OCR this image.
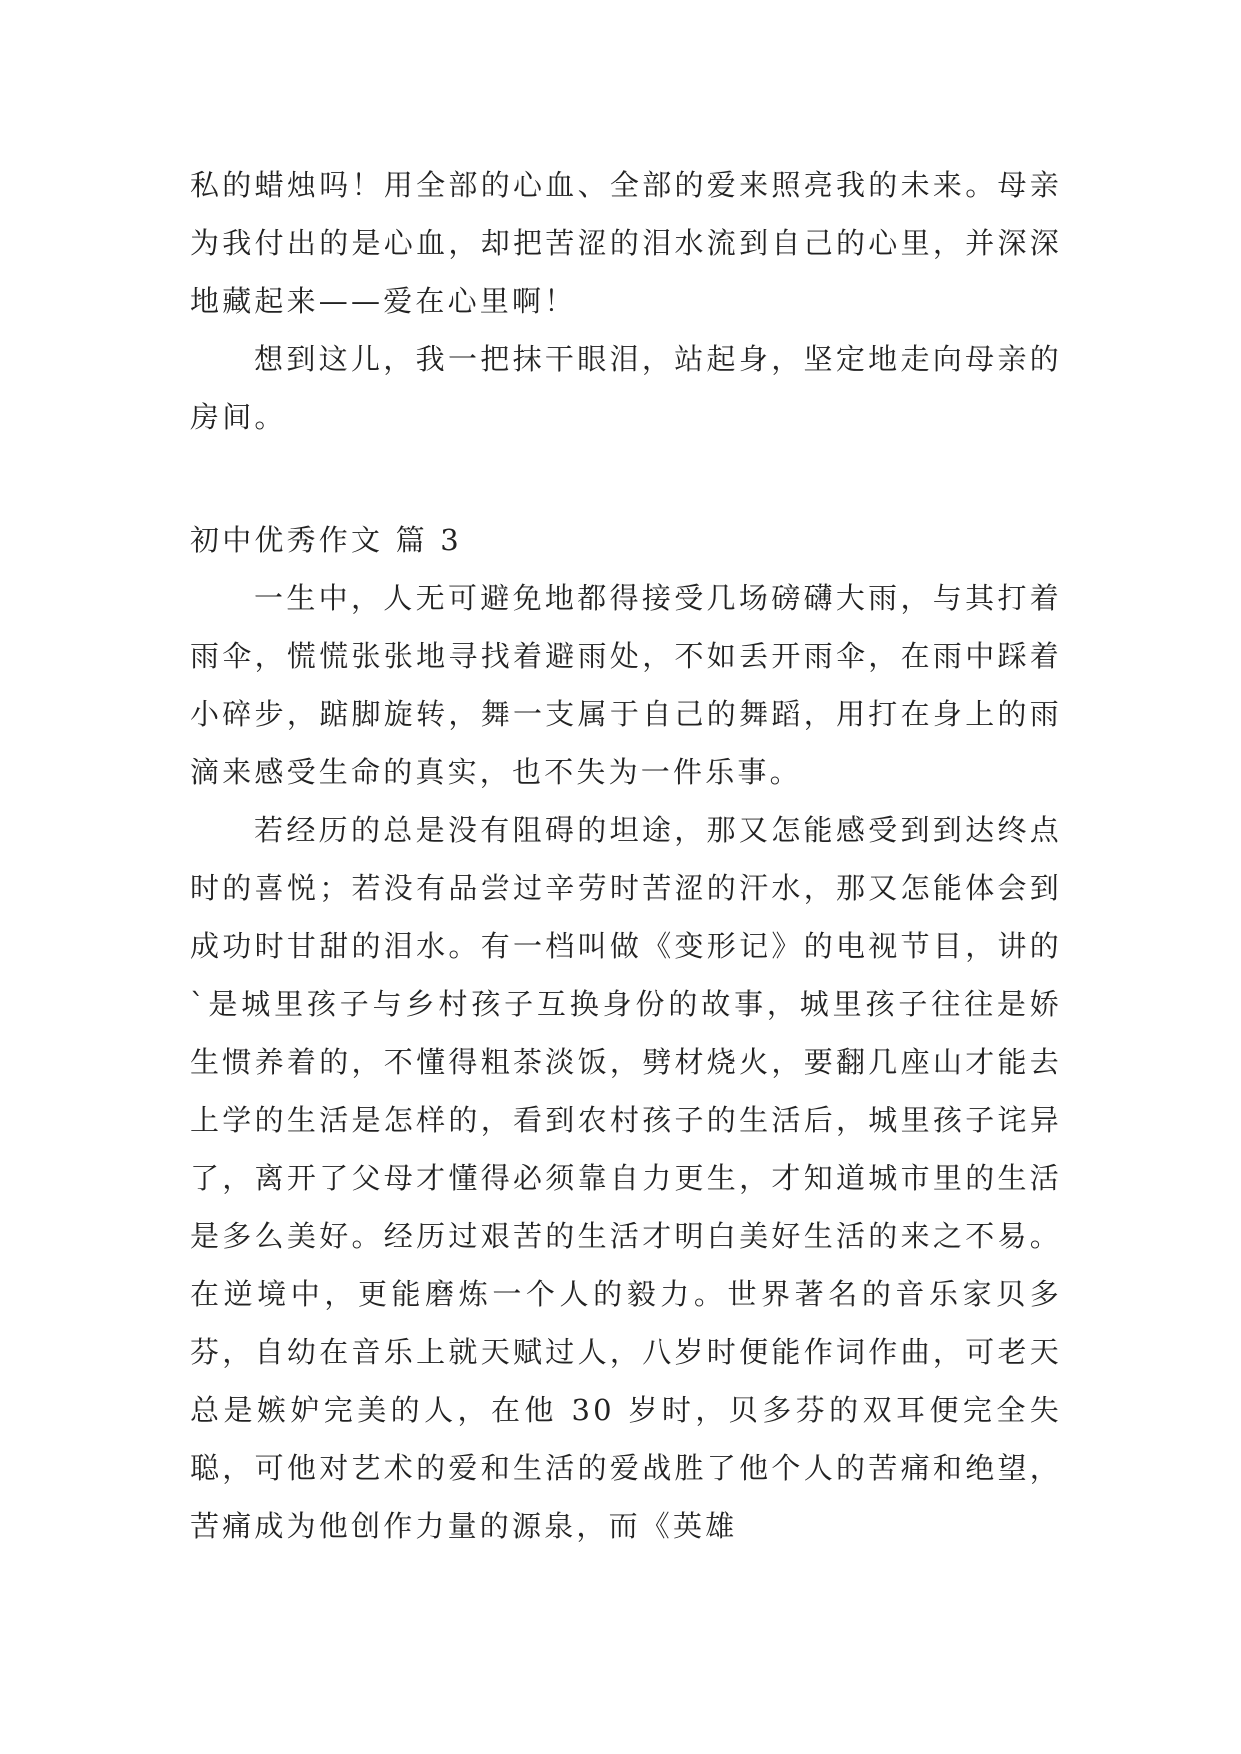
私的蜡烛吗！用全部的心血、全部的爱来照亮我的未来。母亲为我付出的是心血，却把苦涩的泪水流到自己的心里，并深深地藏起来——爱在心里啊！

想到这儿，我一把抹干眼泪，站起身，坚定地走向母亲的房间。

初中优秀作文 篇 3

一生中，人无可避免地都得接受几场磅礴大雨，与其打着雨伞，慌慌张张地寻找着避雨处，不如丢开雨伞，在雨中踩着小碎步，踮脚旋转，舞一支属于自己的舞蹈，用打在身上的雨滴来感受生命的真实，也不失为一件乐事。

若经历的总是没有阻碍的坦途，那又怎能感受到到达终点时的喜悦；若没有品尝过辛劳时苦涩的汗水，那又怎能体会到成功时甘甜的泪水。有一档叫做《变形记》的电视节目，讲的`是城里孩子与乡村孩子互换身份的故事，城里孩子往往是娇生惯养着的，不懂得粗茶淡饭，劈材烧火，要翻几座山才能去上学的生活是怎样的，看到农村孩子的生活后，城里孩子诧异了，离开了父母才懂得必须靠自力更生，才知道城市里的生活是多么美好。经历过艰苦的生活才明白美好生活的来之不易。在逆境中，更能磨炼一个人的毅力。世界著名的音乐家贝多芬，自幼在音乐上就天赋过人，八岁时便能作词作曲，可老天总是嫉妒完美的人，在他 30 岁时，贝多芬的双耳便完全失聪，可他对艺术的爱和生活的爱战胜了他个人的苦痛和绝望，苦痛成为他创作力量的源泉，而《英雄
